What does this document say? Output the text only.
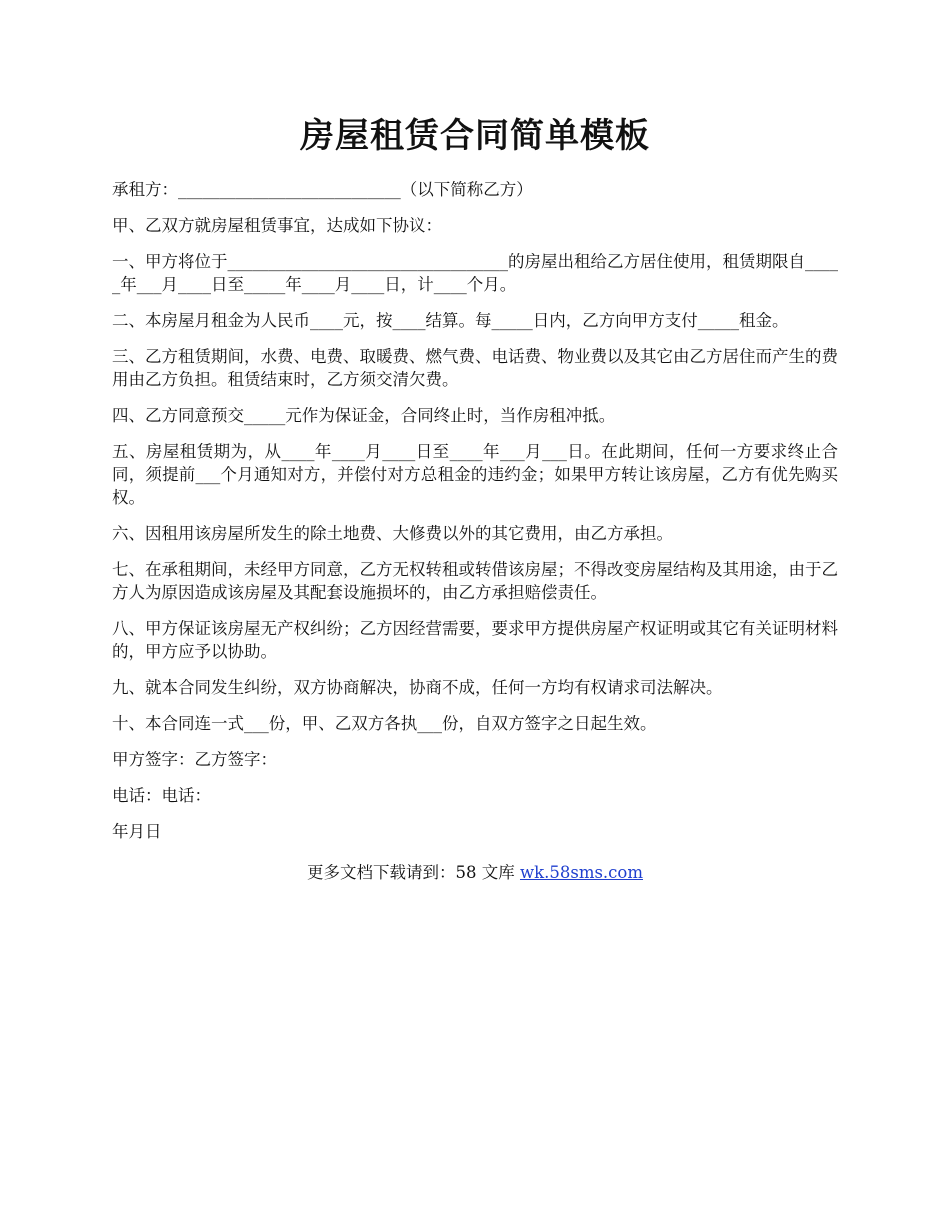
房屋租赁合同简单模板

承租方：___________________________（以下简称乙方）

甲、乙双方就房屋租赁事宜，达成如下协议：

一、甲方将位于__________________________________的房屋出租给乙方居住使用，租赁期限自_____年___月____日至_____年____月____日，计____个月。

二、本房屋月租金为人民币____元，按____结算。每_____日内，乙方向甲方支付_____租金。

三、乙方租赁期间，水费、电费、取暖费、燃气费、电话费、物业费以及其它由乙方居住而产生的费用由乙方负担。租赁结束时，乙方须交清欠费。

四、乙方同意预交_____元作为保证金，合同终止时，当作房租冲抵。

五、房屋租赁期为，从____年____月____日至____年___月___日。在此期间，任何一方要求终止合同，须提前___个月通知对方，并偿付对方总租金的违约金；如果甲方转让该房屋，乙方有优先购买权。

六、因租用该房屋所发生的除土地费、大修费以外的其它费用，由乙方承担。

七、在承租期间，未经甲方同意，乙方无权转租或转借该房屋；不得改变房屋结构及其用途，由于乙方人为原因造成该房屋及其配套设施损坏的，由乙方承担赔偿责任。

八、甲方保证该房屋无产权纠纷；乙方因经营需要，要求甲方提供房屋产权证明或其它有关证明材料的，甲方应予以协助。

九、就本合同发生纠纷，双方协商解决，协商不成，任何一方均有权请求司法解决。

十、本合同连一式___份，甲、乙双方各执___份，自双方签字之日起生效。

甲方签字：乙方签字：

电话：电话：

年月日

更多文档下载请到：58 文库 wk.58sms.com
